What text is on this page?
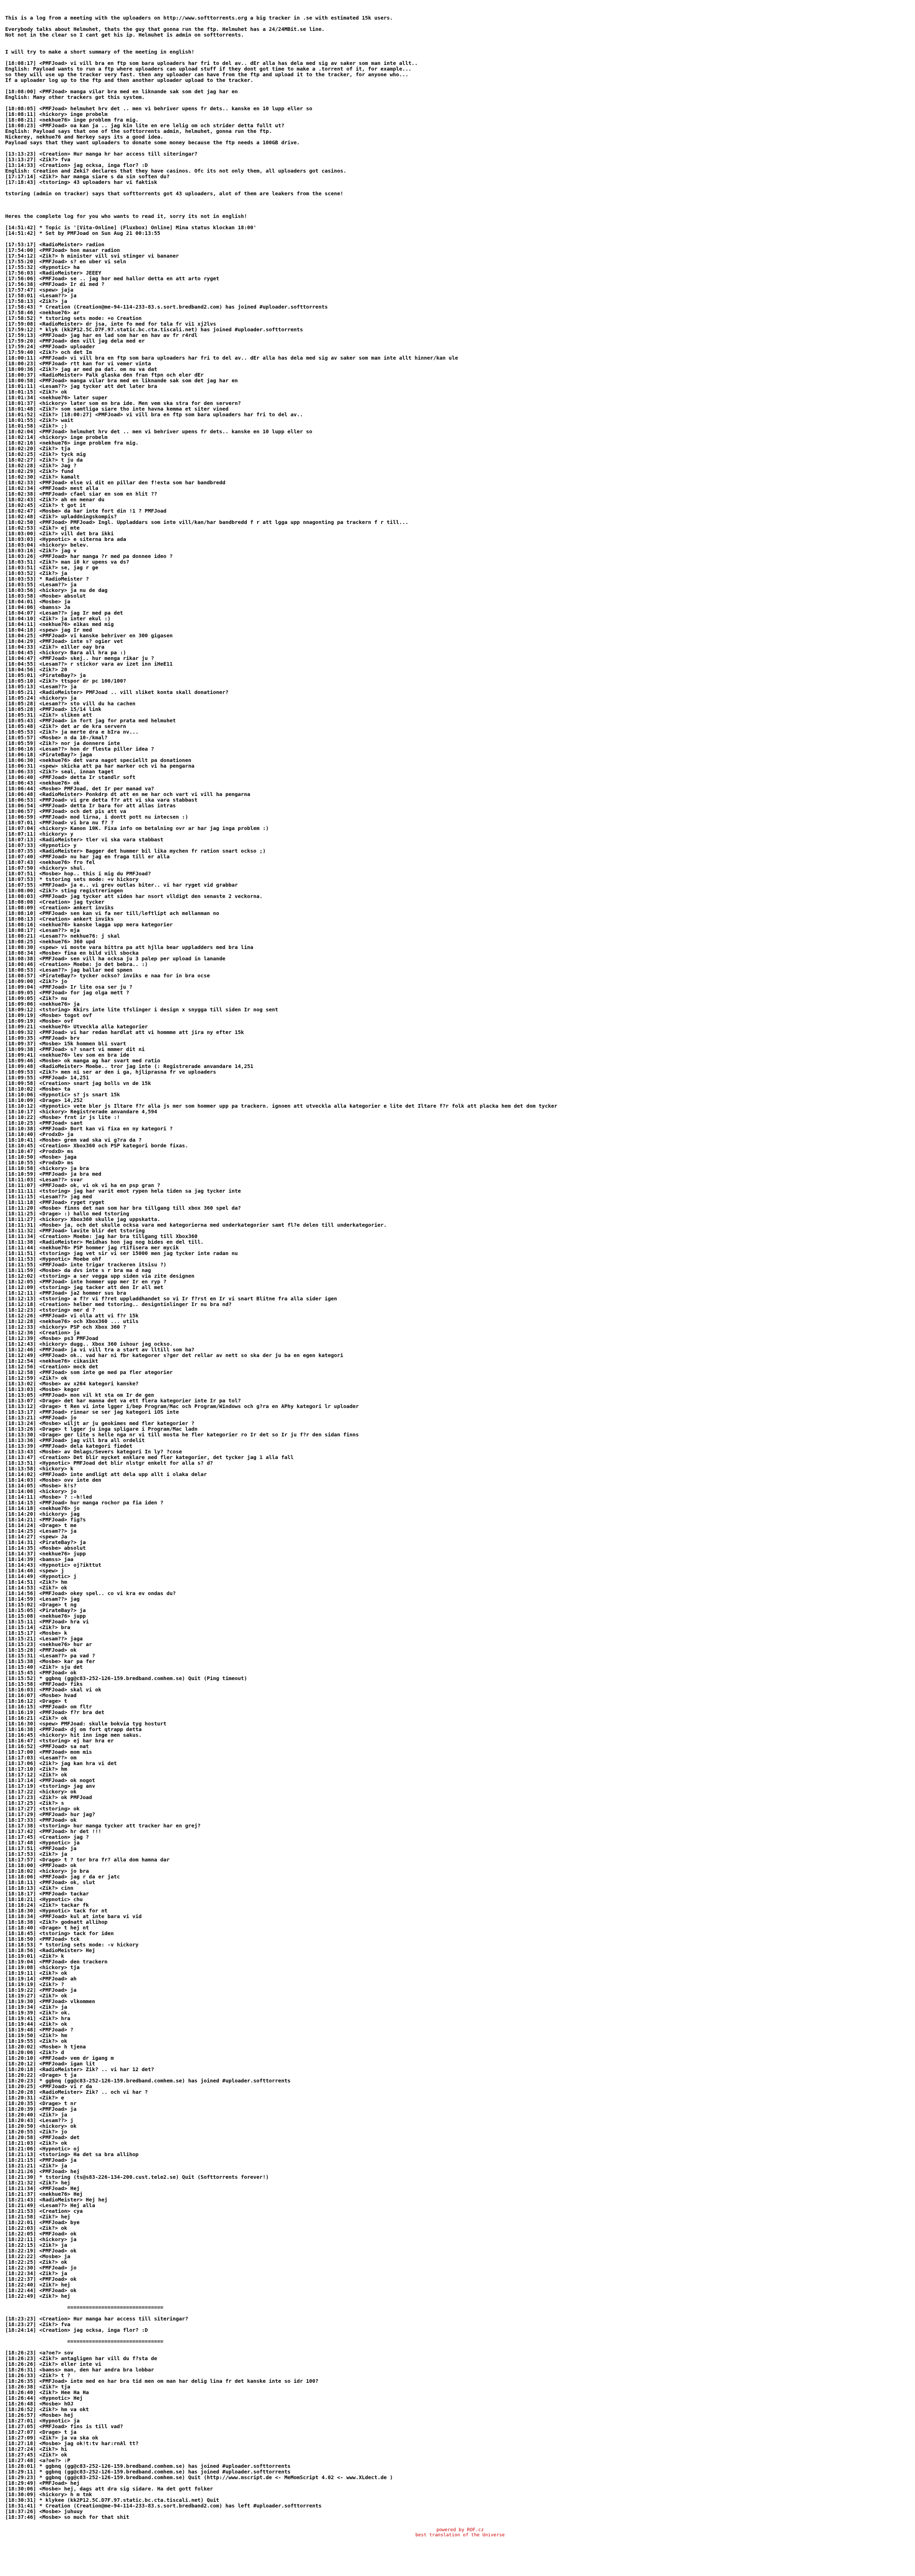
This is a log from a meeting with the uploaders on http://www.softtorrents.org a big tracker in .se with estimated 15k users.
Everybody talks about Helmuhet, thats the guy that gonna run the ftp. Helmuhet has a 24/24MBit.se line.
Not not in the clear so I cant get his ip. Helmuhet is admin on softtorrents.
I will try to make a short summary of the meeting in english!
[18:08:17] <PMFJoad> vi vill bra en ftp som bara uploaders har fri to del av.. dEr alla has dela med sig av saker som man inte allt..
English: Payload wants to run a ftp where uploaders can upload stuff if they dont got time to make a .torrent of it, for example...
so they will use up the tracker very fast. then any uploader can have from the ftp and upload it to the tracker, for anyone who...
If a uploader log up to the ftp and then another uploader upload to the tracker.
[18:08:00] <PMFJoad> manga vilar bra med en liknande sak som det jag har en
English: Many other trackers got this system.
[18:08:05] <PMFJoad> helmuhet hrv det .. men vi behriver upens fr dets.. kanske en 10 lupp eller so
[18:08:11] <hickory> inge probelm
[18:08:21] <nekhue76> inge problem fra mig.
[18:08:23] <PMFJoad> oa kan ja .. jag kin lite en ere lelig om och strider detta fullt ut?
English: Payload says that one of the softtorrents admin, helmuhet, gonna run the ftp.
Nickerey, nekhue76 and Nerkey says its a good idea.
Payload says that they want uploaders to donate some money because the ftp needs a 100GB drive.
[13:13:23] <Creation> Hur manga hr har access till siteringar?
[13:13:27] <Zik?> fva
[13:14:33] <Creation> jag ocksa, inga flor? :D
English: Creation and Zeki? declares that they have casinos. Ofc its not only them, all uploaders got casinos.
[17:17:14] <Zik?> har manga siare s da sin soften du?
[17:18:43] <tstoring> 43 uploaders har vi faktisk
tstoring (admin on tracker) says that softtorrents got 43 uploaders, alot of them are leakers from the scene!
Heres the complete log for you who wants to read it, sorry its not in english!
[14:51:42] * Topic is '[Vita-Online] (Fluxbox) Online] Mina status klockan 18:00'
[14:51:42] * Set by PMFJoad on Sun Aug 21 00:13:55
[17:53:17] <RadioMeister> radion
[17:54:00] <PMFJoad> hon masar radion
[17:54:12] <Zik?> h minister vill svi stinger vi bananer
[17:55:20] <PMFJoad> s? en uber vi seln
[17:55:32] <Hypnotic> ha
[17:56:03] <RadioMeister> JEEEY
[17:56:06] <PMFJoad> se .. jag hor med hallor detta en att arto ryget
[17:56:38] <PMFJoad> Ir di med ?
[17:57:47] <spew> jaja
[17:58:01] <Lesam??> ja
[17:58:13] <Zik?> ja
[17:58:43] * Creation (Creation@me-94-114-233-83.s.sort.bredband2.com) has joined #uploader.softtorrents
[17:58:46] <nekhue76> ar
[17:58:52] * tstoring sets mode: +o Creation
[17:59:08] <RadioMeister> dr jsa, inte fo med for tala fr vi1 xj2lvs
[17:59:12] * klyk (kk2P12.5C.D7F.97.static.bc.cta.tiscali.net) has joined #uploader.softtorrents
[17:59:13] <PMFJoad> jag har en lad som har en hav av fr r4rdl
[17:59:20] <PMFJoad> den vill jag dela med er
[17:59:24] <PMFJoad> uploader
[17:59:40] <Zik?> och det Im
[18:00:11] <PMFJoad> vi vill bra en ftp som bara uploaders har fri to del av.. dEr alla has dela med sig av saker som man inte allt hinner/kan ule
[18:00:23] <PMFJoad> rtt kan for vi vemer vinta
[18:00:36] <Zik?> jag ar med pa dat. om nu va dat
[18:00:37] <RadioMeister> Palk glaska den fran ftpn och eler dEr
[18:00:58] <PMFJoad> manga vilar bra med en liknande sak som det jag har en
[18:01:11] <Lesam??> jag tycker att det later bra
[18:01:15] <Zik?> ok
[18:01:34] <nekhue76> later super
[18:01:37] <hickory> later som en bra ide. Men vem ska stra for den servern?
[18:01:48] <Zik?> som samtliga siare tho inte havna kemma et siter vined
[18:01:52] <Zik?> [18:00:27] <PMFJoad> vi vill bra en ftp som bara uploaders har fri to del av..
[18:01:55] <Zik?> wait
[18:01:58] <Zik?> ;)
[18:02:04] <PMFJoad> helmuhet hrv det .. men vi behriver upens fr dets.. kanske en 10 lupp eller so
[18:02:14] <hickory> inge probelm
[18:02:16] <nekhue76> inge problem fra mig.
[18:02:20] <Zik?> tja
[18:02:25] <Zik?> tyck mig
[18:02:27] <Zik?> t ju da
[18:02:28] <Zik?> Jag ?
[18:02:29] <Zik?> fund
[18:02:30] <Zik?> kamalt
[18:02:33] <PMFJoad> else vi dit en pillar den f!esta som har bandbredd
[18:02:34] <PMFJoad> mest alla
[18:02:38] <PMFJoad> cfael siar en som en hlit ??
[18:02:43] <Zik?> ah en menar du
[18:02:45] <Zik?> t got it
[18:02:47] <Mosbe> da har inte fort din !1 ? PMFJoad
[18:02:48] <Zik?> upladdningskompis?
[18:02:50] <PMFJoad> PMFJoad> Ingl. Uppladdars som inte vill/kan/har bandbredd f r att lgga upp nnagonting pa trackern f r till...
[18:02:53] <Zik?> ej mte
[18:03:00] <Zik?> vill det bra ikki
[18:03:03] <Hypnotic> e siterna bra ada
[18:03:04] <hickory> belev.
[18:03:16] <Zik?> jag v
[18:03:26] <PMFJoad> har manga ?r med pa donnee ideo ?
[18:03:51] <Zik?> man i0 kr upens va ds?
[18:03:51] <Zik?> se, jag r ge
[18:03:52] <Zik?> ja
[18:03:53] * RadioMeister ?
[18:03:55] <Lesam??> ja
[18:03:56] <hickory> ja nu de dag
[18:03:58] <Mosbe> absolut
[18:04:01] <Mosbe> ja
[18:04:06] <bamss> Ja
[18:04:07] <Lesam??> jag Ir med pa det
[18:04:10] <Zik?> ja inter ekul :)
[18:04:11] <nekhue76> e1kas med mig
[18:04:18] <spew> jag Ir med
[18:04:25] <PMFJoad> vi kanske behriver en 300 gigasen
[18:04:29] <PMFJoad> inte s? ogier vet
[18:04:33] <Zik?> e1ller oay bra
[18:04:45] <hickory> Bara all hra pa :)
[18:04:47] <PMFJoad> skej.. hur menga rikar ju ?
[18:04:55] <Lesam??> r stickor vara av izet inn iHeE11
[18:04:56] <Zik?> 20
[18:05:01] <PirateBay?> ja
[18:05:10] <Zik?> ttspor dr pc 100/100?
[18:05:13] <Lesam??> ja
[18:05:21] <RadioMeister> PMFJoad .. vill sliket konta skall donationer?
[18:05:24] <hickory> ja
[18:05:28] <Lesam??> sto vill du ha cachen
[18:05:28] <PMFJoad> 15/14 link
[18:05:31] <Zik?> sliken att
[18:05:43] <PMFJoad> in fort jag for prata med helmuhet
[18:05:48] <Zik?> det ar de kra servern
[18:05:53] <Zik?> ja merte dra e bIra nv...
[18:05:57] <Mosbe> n da 10-/kmal?
[18:05:59] <Zik?> nor ja donnere inte
[18:06:16] <Lesam??> hon dr flesta piller idea ?
[18:06:18] <PirateBay?> jaga
[18:06:30] <nekhue76> det vara nagot speciellt pa donationen
[18:06:31] <spew> skicka att pa har marker och vi ha pengarna
[18:06:33] <Zik?> seal, innan taget
[18:06:40] <PMFJoad> detta Ir standlr soft
[18:06:43] <nekhue76> ok
[18:06:44] <Mosbe> PMFJoad, det Ir per manad va?
[18:06:48] <RadioMeister> Ponkdrp dt att en me har och vart vi vill ha pengarna
[18:06:53] <PMFJoad> vi gre detta f?r att vi ska vara stabbast
[18:06:54] <PMFJoad> detta Ir bara for att allas intras
[18:06:57] <PMFJoad> och det pis att va
[18:06:59] <PMFJoad> mod lirna, i dontt pott nu intecsen :)
[18:07:01] <PMFJoad> vi bra nu f? ?
[18:07:04] <hickory> Kanon 10K. Fixa info om betalning ovr ar har jag inga problem :)
[18:07:11] <hickory> y
[18:07:13] <RadioMeister> tler vi ska vara stabbast
[18:07:33] <Hypnotic> y
[18:07:35] <RadioMeister> Bagger det hummer bil lika mychen fr ration snart ockso ;)
[18:07:40] <PMFJoad> nu har jag en fraga till er alla
[18:07:43] <nekhue76> fro fel
[18:07:50] <hickory> shul.
[18:07:51] <Mosbe> hop.. this i mig du PMFJoad?
[18:07:53] * tstoring sets mode: +v hickory
[18:07:55] <PMFJoad> ja e.. vi grev outlas biter.. vi har ryget vid grabbar
[18:08:00] <Zik?> sting registreringen
[18:08:03] <PMFJoad> jag tycker att siden har nsort vlldigt den senaste 2 veckorna.
[18:08:08] <Creation> jag tycker
[18:08:09] <Creation> ankert inviks
[18:08:10] <PMFJoad> sen kan vi fa ner till/leftlipt ach mellanman no
[18:08:13] <Creation> ankert inviks
[18:08:16] <nekhue76> kanske lagga upp mera kategorier
[18:08:17] <Lesam??> mja
[18:08:21] <Lesam??> nekhue76: j skal
[18:08:25] <nekhue76> 360 upd
[18:08:30] <spew> vi moste vara bittra pa att hjlla bear uppladders med bra lina
[18:08:34] <Mosbe> fina en bild vill sbocka
[18:08:38] <PMFJoad> sen vill ha ocksa ju 3 palep per upload in lanande
[18:08:46] <Creation> Moebe: jo det bebra.. :)
[18:08:53] <Lesam??> jag ballar med spmen
[18:08:57] <PirateBay?> tycker ockso? inviks e naa for in bra ocse
[18:09:00] <Zik?> jo
[18:09:04] <PMFJoad> Ir lite osa ser ju ?
[18:09:05] <PMFJoad> for jag olga mett ?
[18:09:05] <Zik?> nu
[18:09:06] <nekhue76> ja
[18:09:12] <tstoring> Kkirs inte lite tfslinger i design x snygga till siden Ir nog sent
[18:09:19] <Mosbe> togot ovf
[18:09:19] <Mosbe> ovf
[18:09:21] <nekhue76> Utveckla alla kategorier
[18:09:32] <PMFJoad> vi har redan hardlat att vi hommme att jira ny efter 15k
[18:09:35] <PMFJoad> brv
[18:09:37] <Mosbe> 15k hommen bli svart
[18:09:38] <PMFJoad> s? snart vi mmmer dit ni
[18:09:41] <nekhue76> lev som en bra ide
[18:09:46] <Mosbe> ok manga ag har svart med ratio
[18:09:48] <RadioMeister> Moebe.. tror jag inte (: Registrerade anvandare 14,251
[18:09:53] <Zik?> men ni ser ar den i ga, hjliprasna fr ve uploaders
[18:09:55] <PMFJoad> 14,251
[18:09:58] <Creation> snart jag bolls vn de 15k
[18:10:02] <Mosbe> ta
[18:10:06] <Hypnotic> s? js snart 15k
[18:10:09] <Drage> 14,252
[18:10:12] <Hypnotic> vete bler js Iltare f?r alla js mer som hommer upp pa trackern. ignoen att utveckla alla kategorier e lite det Iltare f?r folk att placka hem det dom tycker
[18:10:17] <hickory> Registrerade anvandare 4,594
[18:10:22] <Mosbe> frnt ir js lite :!
[18:10:25] <PMFJoad> sant
[18:10:38] <PMFJoad> Bort kan vi fixa en ny kategori ?
[18:10:40] <ProdxD> ja
[18:10:41] <Mosbe> grem vad ska vi g?ra da ?
[18:10:45] <Creation> Xbox360 och PSP kategori borde fixas.
[18:10:47] <ProdxD> ms
[18:10:50] <Mosbe> jaga
[18:10:55] <ProdxD> ms
[18:10:58] <hickory> ja bra
[18:10:59] <PMFJoad> ja bra med
[18:11:03] <Lesam??> svar
[18:11:07] <PMFJoad> ok, vi ok vi ha en psp gran ?
[18:11:11] <tstoring> jag har varit emot rypen hela tiden sa jag tycker inte
[18:11:15] <Lesam??> jag med
[18:11:18] <PMFJoad> ryget ryget
[18:11:20] <Mosbe> finns det nan som har bra tillgang till xbox 360 spel da?
[18:11:25] <Drage> :) hallo med tstoring
[18:11:27] <hickory> Xbox360 skulle jag uppskatta.
[18:11:31] <Mosbe> ja, och det skulle ocksa vara med kategorierna med underkategorier samt fl?e delen till underkategorier.
[18:11:32] <PMFJoad> lavite blir det tstoring
[18:11:34] <Creation> Moebe: jag har bra tillgang till Xbox360
[18:11:38] <RadioMeister> Meidhas hon jag nog bides en del till.
[18:11:44] <nekhue76> PSP hommer jag rtifisera mer mycik
[18:11:51] <tstoring> jag vet sir vi ser 15000 men jag tycker inte radan nu
[18:11:53] <Hypnotic> Moebe ohf
[18:11:55] <PMFJoad> inte trigar trackeren itsisu ?)
[18:11:59] <Mosbe> da dvs inte s r bra ma d nag
[18:12:02] <tstoring> a ser vegga upp siden via zite designen
[18:12:05] <PMFJoad> inte hommer upp mer Ir en ryp ?
[18:12:09] <tstoring> jag tacker att den Ir all met
[18:12:11] <PMFJoad> ja2 hommer sus bra
[18:12:13] <tstoring> a f?r vi f?ret uppladdhandet so vi Ir f?rst en Ir vi snart Blitne fra alla sider igen
[18:12:18] <Creation> helber med tstoring.. designtinlinger Ir nu bra nd?
[18:12:23] <tstoring> mer d ?
[18:12:26] <PMFJoad> vi olla att vi f?r 15k
[18:12:28] <nekhue76> och Xbox360 ... utils
[18:12:33] <hickory> PSP och Xbox 360 ?
[18:12:36] <Creation> ja
[18:12:39] <Mosbe> ps3 PMFJoad
[18:12:43] <hickory> dugg.. Xbox 360 ishour jag ockso.
[18:12:46] <PMFJoad> ja vi vill tra a start av lltill som ha?
[18:12:49] <PMFJoad> ok.. vad har ni fbr kategorer s?ger det rellar av nett so ska der ju ba en egen kategori
[18:12:54] <nekhue76> cikasikt
[18:12:56] <Creation> mock det
[18:12:58] <PMFJoad> som inte ge med pa fler ategorier
[18:12:59] <Zik?> ok
[18:13:02] <Mosbe> av x264 kategori kanske?
[18:13:03] <Mosbe> kegor
[18:13:05] <PMFJoad> mon vil kt sta om Ir de gen
[18:13:07] <Drage> det har manna det va ett flera kategorier inte Ir pa tol?
[18:13:12] <Drage> t Ren vi inte lgger i/bep Program/Mac och Program/Windows och g?ra en APhy kategori lr uploader
[18:13:17] <PMFJoad> rinnar se ser jag kategori iOS inte
[18:13:21] <PMFJoad> jo
[18:13:24] <Mosbe> wiljt ar ju geokimes med fler kategorier ?
[18:13:26] <Drage> t lgger ju inga spligare i Program/Mac ladn
[18:13:30] <Drage> ger lite s helle nga nr vi till mosta he fler kategorier ro Ir det so Ir ju f?r den sidan finns
[18:13:36] <PMFJoad> jag vill bra all ordelit
[18:13:39] <PMFJoad> dela kategori fiedet
[18:13:43] <Mosbe> av Omlags/Severs kategori In ly? ?cose
[18:13:47] <Creation> Det blir mycket enklare med fler kategorier, det tycker jag 1 alla fall
[18:13:51] <Hypnotic> PMFJoad det blir nlstgr enkelt for alla s? d?
[18:13:58] <hickory> k
[18:14:02] <PMFJoad> inte andligt att dela upp allt i olaka delar
[18:14:03] <Mosbe> ovv inte den
[18:14:05] <Mosbe> k!s?
[18:14:08] <hickory> jo
[18:14:11] <Mosbe> ? :-h!led
[18:14:15] <PMFJoad> hur manga rochor pa fia iden ?
[18:14:18] <nekhue76> jo
[18:14:20] <hickory> jag
[18:14:21] <PMFJoad> fig?s
[18:14:24] <Drage> t me
[18:14:25] <Lesam??> ja
[18:14:27] <spew> Ja
[18:14:31] <PirateBay?> ja
[18:14:35] <Mosbe> absolut
[18:14:37] <nekhue76> jupp
[18:14:39] <bamss> jaa
[18:14:43] <Hypnotic> oj?ikttut
[18:14:46] <spew> j
[18:14:49] <Hypnotic> j
[18:14:51] <Zik?> hm
[18:14:53] <Zik?> ok
[18:14:56] <PMFJoad> okey spel.. co vi kra ev ondas du?
[18:14:59] <Lesam??> jag
[18:15:02] <Drage> t ng
[18:15:05] <PirateBay?> ja
[18:15:08] <nekhue76> jupp
[18:15:11] <PMFJoad> hra vi
[18:15:14] <Zik?> bra
[18:15:17] <Mosbe> k
[18:15:21] <Lesam??> jaga
[18:15:23] <nekhue76> hur ar
[18:15:28] <PMFJoad> ok
[18:15:31] <Lesam??> pa vad ?
[18:15:38] <Mosbe> kar pa fer
[18:15:40] <Zik?> sju det
[18:15:45] <PMFJoad> ok
[18:15:52] * ggbnq (gg@c83-252-126-159.bredband.comhem.se) Quit (Ping timeout)
[18:15:58] <PMFJoad> fiks
[18:16:03] <PMFJoad> skal vi ok
[18:16:07] <Mosbe> hvad
[18:16:12] <Drage> t
[18:16:15] <PMFJoad> om fltr
[18:16:19] <PMFJoad> f?r bra det
[18:16:21] <Zik?> ok
[18:16:30] <spew> PMFJoad: skulle bokvia tyg hosturt
[18:16:38] <PMFJoad> dj om fort qtrapp detta
[18:16:45] <hickory> hit inn inge men sakus.
[18:16:47] <tstoring> ej har hra er
[18:16:52] <PMFJoad> sa nat
[18:17:00] <PMFJoad> mom mis
[18:17:03] <Lesam??> om
[18:17:06] <Zik?> jag kan hra vi det
[18:17:10] <Zik?> hm
[18:17:12] <Zik?> ok
[18:17:14] <PMFJoad> ok nogot
[18:17:19] <tstoring> jag anv
[18:17:22] <hickory> ok
[18:17:23] <Zik?> ok PMFJoad
[18:17:25] <Zik?> s
[18:17:27] <tstoring> ok
[18:17:29] <PMFJoad> hur jag?
[18:17:33] <PMFJoad> ok
[18:17:38] <tstoring> hur manga tycker att tracker har en grej?
[18:17:42] <PMFJoad> hr det !!!
[18:17:45] <Creation> jag ?
[18:17:48] <Hypnotic> ja
[18:17:51] <PMFJoad> ja
[18:17:53] <Zik?> ja
[18:17:57] <Drage> t ? tor bra fr? alla dom hamna dar
[18:18:00] <PMFJoad> ok
[18:18:02] <hickory> jo bra
[18:18:06] <PMFJoad> jag r da er jatc
[18:18:11] <PMFJoad> ok, slut
[18:18:13] <Zik?> cinn
[18:18:17] <PMFJoad> tackar
[18:18:21] <Hypnotic> chu
[18:18:24] <Zik?> tackar fk
[18:18:30] <Hypnotic> tack for nt
[18:18:34] <PMFJoad> kul at inte bara vi vid
[18:18:38] <Zik?> godnatt allihop
[18:18:40] <Drage> t hej nt
[18:18:45] <tstoring> tack for iden
[18:18:50] <PMFJoad> tck
[18:18:53] * tstoring sets mode: -v hickory
[18:18:56] <RadioMeister> Hej
[18:19:01] <Zik?> k
[18:19:04] <PMFJoad> den trackern
[18:19:08] <hickory> tja
[18:19:11] <Zik?> ok
[18:19:14] <PMFJoad> ah
[18:19:19] <Zik?> ?
[18:19:22] <PMFJoad> ja
[18:19:27] <Zik?> ok
[18:19:30] <PMFJoad> vlkommen
[18:19:34] <Zik?> ja
[18:19:39] <Zik?> ok.
[18:19:41] <Zik?> hra
[18:19:44] <Zik?> ok
[18:19:48] <PMFJoad> ?
[18:19:50] <Zik?> hm
[18:19:55] <Zik?> ok
[18:20:02] <Mosbe> h tjena
[18:20:06] <Zik?> d
[18:20:10] <PMFJoad> vem dr igang m
[18:20:12] <PMFJoad> igan lit
[18:20:18] <RadioMeister> Zik? .. vi har 12 det?
[18:20:22] <Drage> t ja
[18:20:23] * ggbnq (gg@c83-252-126-159.bredband.comhem.se) has joined #uploader.softtorrents
[18:20:25] <PMFJoad> vi r da
[18:20:28] <RadioMeister> Zik? .. och vi har ?
[18:20:31] <Zik?> e
[18:20:35] <Drage> t nr
[18:20:39] <PMFJoad> ja
[18:20:40] <Zik?> ja
[18:20:43] <Lesam??> j
[18:20:50] <hickory> ok
[18:20:55] <Zik?> jo
[18:20:58] <PMFJoad> det
[18:21:03] <Zik?> ok
[18:21:06] <Hypnotic> oj
[18:21:13] <tstoring> Ha det sa bra allihop
[18:21:15] <PMFJoad> ja
[18:21:21] <Zik?> ja
[18:21:26] <PMFJoad> hej
[18:21:30] * tstoring (ts@s83-226-134-200.cust.tele2.se) Quit (Softtorrents forever!)
[18:21:32] <Zik?> hej
[18:21:34] <PMFJoad> Hej
[18:21:37] <nekhue76> Hej
[18:21:43] <RadioMeister> Hej hej
[18:21:49] <Lesam??> Hej alla
[18:21:53] <Creation> cya
[18:21:58] <Zik?> hej
[18:22:01] <PMFJoad> bye
[18:22:03] <Zik?> ok
[18:22:05] <PMFJoad> ok
[18:22:11] <hickory> ja
[18:22:15] <Zik?> ja
[18:22:19] <PMFJoad> ok
[18:22:22] <Mosbe> ja
[18:22:25] <Zik?> ok
[18:22:30] <PMFJoad> jo
[18:22:34] <Zik?> ja
[18:22:37] <PMFJoad> ok
[18:22:40] <Zik?> hej
[18:22:44] <PMFJoad> ok
[18:22:49] <Zik?> hej
===============================
[18:23:23] <Creation> Hur manga har access till siteringar?
[18:23:27] <Zik?> fva
[18:24:14] <Creation> jag ocksa, inga flor? :D
===============================
[18:26:23] <a?oe?> sov
[18:26:23] <Zik?> antagligen har vill du f?sta de
[18:26:26] <Zik?> eller inte vi
[18:26:31] <bamss> man, den har andra bra lobbar
[18:26:33] <Zik?> t ?
[18:26:35] <PMFJoad> inte med en har bra tid men om man har delig lina fr det kanske inte so idr 100?
[18:26:38] <Zik?> tja
[18:26:40] <Zik?> Hee Ha Ha
[18:26:44] <Hypnotic> Hej
[18:26:48] <Mosbe> hOJ
[18:26:52] <Zik?> hm va okt
[18:26:57] <Mosbe> hej
[18:27:01] <Hypnotic> ja
[18:27:05] <PMFJoad> fins is till vad?
[18:27:07] <Drage> t ja
[18:27:09] <Zik?> ja va ska ok
[18:27:18] <Mosbe> jag ok!t:tv har:rnAl tt?
[18:27:24] <Zik?> hi
[18:27:45] <Zik?> ok
[18:27:48] <a?oe?> :P
[18:28:01] * ggbnq (gg@c83-252-126-159.bredband.comhem.se) has joined #uploader.softtorrents
[18:29:11] * ggbnq (gg@c83-252-126-159.bredband.comhem.se) has joined #uploader.softtorrents
[18:29:23] * ggbnq (gg@c83-252-126-159.bredband.comhem.se) Quit (http://www.mscript.de <- MeMomScript 4.02 <- www.XLdect.de )
[18:29:49] <PMFJoad> hej
[18:30:06] <Mosbe> hej, dags att dra sig sidare. Ha det gott folker
[18:30:09] <hickory> h m tnk
[18:30:31] * klykee (kk2P12.5C.D7F.97.static.bc.cta.tiscali.net) Quit
[18:31:41] * Creation (Creation@me-94-114-233-83.s.sort.bredband2.com) has left #uploader.softtorrents
[18:37:26] <Mosbe> juhuuy
[18:37:46] <Mosbe> so much for that shit
powered by ROF.cz
best translation of the Universe
